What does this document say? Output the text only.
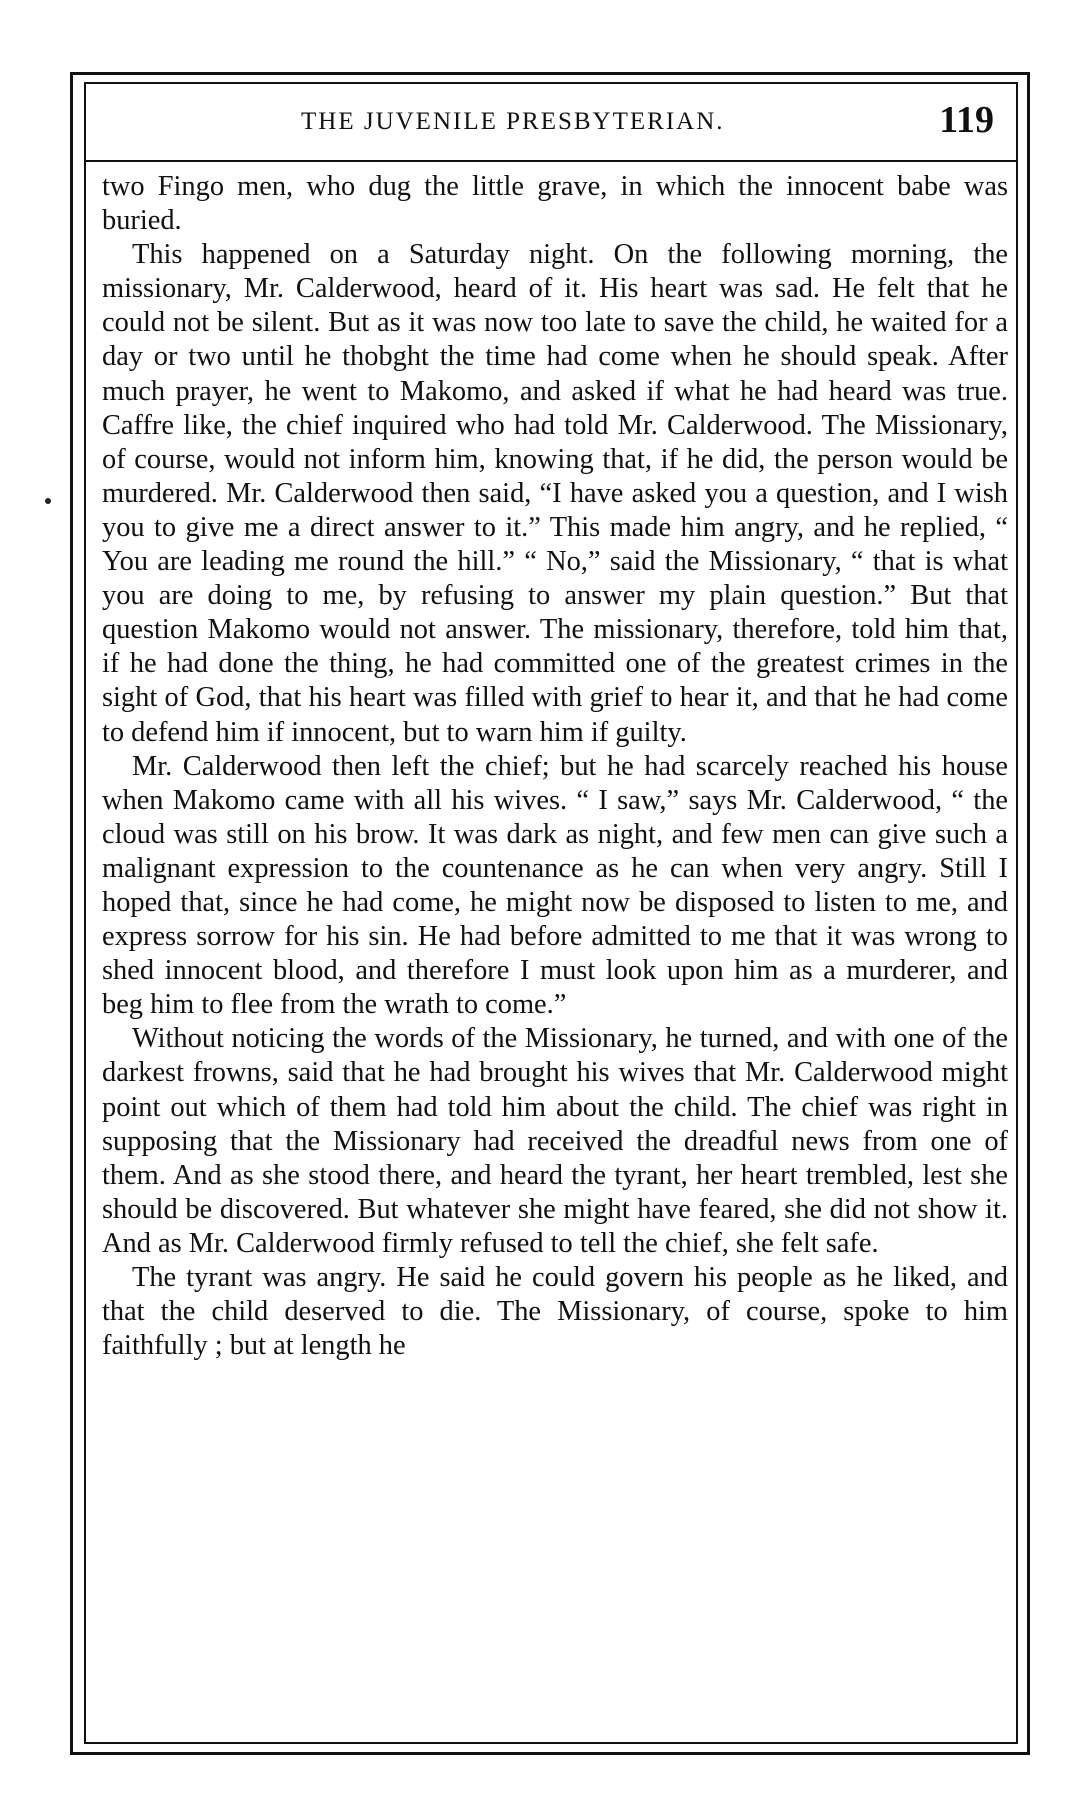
THE JUVENILE PRESBYTERIAN.	119

two Fingo men, who dug the little grave, in which the innocent babe was buried.

This happened on a Saturday night. On the following morning, the missionary, Mr. Calderwood, heard of it. His heart was sad. He felt that he could not be silent. But as it was now too late to save the child, he waited for a day or two until he thobght the time had come when he should speak. After much prayer, he went to Makomo, and asked if what he had heard was true. Caffre like, the chief inquired who had told Mr. Calderwood. The Missionary, of course, would not inform him, knowing that, if he did, the person would be murdered. Mr. Calderwood then said, “I have asked you a question, and I wish you to give me a direct answer to it.” This made him angry, and he replied, “ You are leading me round the hill.” “ No,” said the Missionary, “ that is what you are doing to me, by refusing to answer my plain question.” But that question Makomo would not answer. The missionary, therefore, told him that, if he had done the thing, he had committed one of the greatest crimes in the sight of God, that his heart was filled with grief to hear it, and that he had come to defend him if innocent, but to warn him if guilty.

Mr. Calderwood then left the chief; but he had scarcely reached his house when Makomo came with all his wives. “ I saw,” says Mr. Calderwood, “ the cloud was still on his brow. It was dark as night, and few men can give such a malignant expression to the countenance as he can when very angry. Still I hoped that, since he had come, he might now be disposed to listen to me, and express sorrow for his sin. He had before admitted to me that it was wrong to shed innocent blood, and therefore I must look upon him as a murderer, and beg him to flee from the wrath to come.”

Without noticing the words of the Missionary, he turned, and with one of the darkest frowns, said that he had brought his wives that Mr. Calderwood might point out which of them had told him about the child. The chief was right in supposing that the Missionary had received the dreadful news from one of them. And as she stood there, and heard the tyrant, her heart trembled, lest she should be discovered. But whatever she might have feared, she did not show it. And as Mr. Calderwood firmly refused to tell the chief, she felt safe.

The tyrant was angry. He said he could govern his people as he liked, and that the child deserved to die. The Missionary, of course, spoke to him faithfully ; but at length he
